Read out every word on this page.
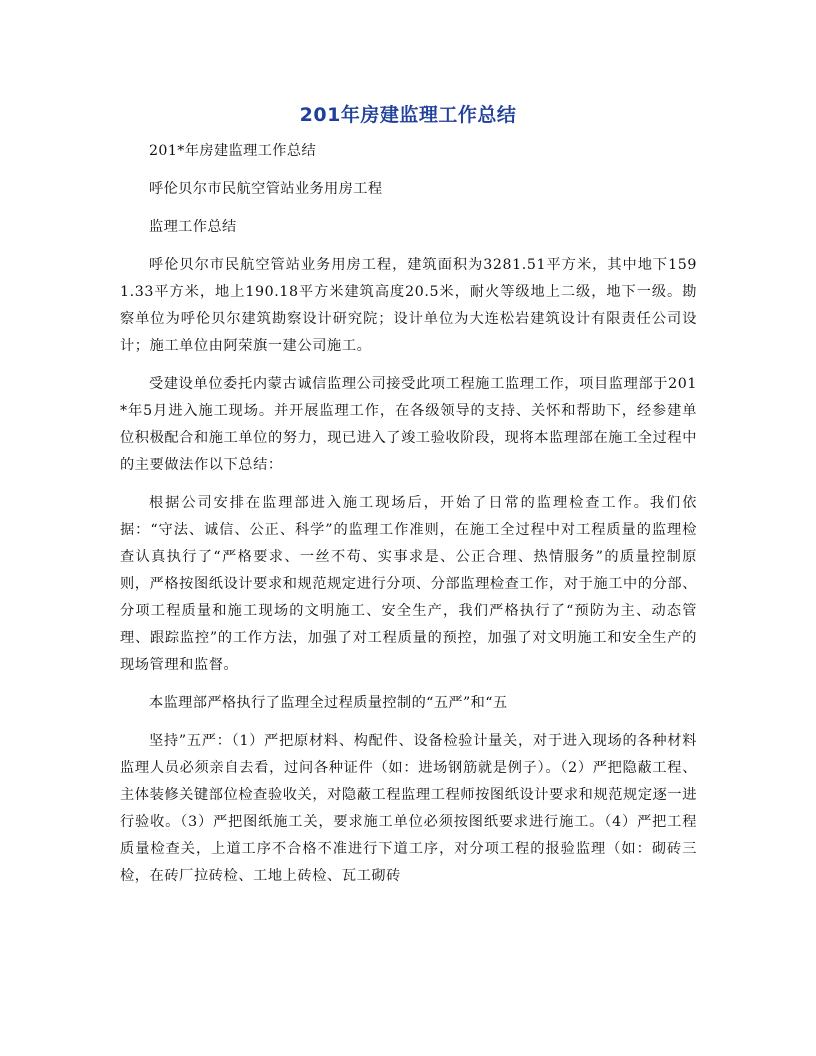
201年房建监理工作总结

201*年房建监理工作总结

呼伦贝尔市民航空管站业务用房工程

监理工作总结

呼伦贝尔市民航空管站业务用房工程，建筑面积为3281.51平方米，其中地下1591.33平方米，地上190.18平方米建筑高度20.5米，耐火等级地上二级，地下一级。勘察单位为呼伦贝尔建筑勘察设计研究院；设计单位为大连松岩建筑设计有限责任公司设计；施工单位由阿荣旗一建公司施工。

受建设单位委托内蒙古诚信监理公司接受此项工程施工监理工作，项目监理部于201*年5月进入施工现场。并开展监理工作，在各级领导的支持、关怀和帮助下，经参建单位积极配合和施工单位的努力，现已进入了竣工验收阶段，现将本监理部在施工全过程中的主要做法作以下总结：

根据公司安排在监理部进入施工现场后，开始了日常的监理检查工作。我们依据：“守法、诚信、公正、科学”的监理工作准则，在施工全过程中对工程质量的监理检查认真执行了“严格要求、一丝不苟、实事求是、公正合理、热情服务”的质量控制原则，严格按图纸设计要求和规范规定进行分项、分部监理检查工作，对于施工中的分部、分项工程质量和施工现场的文明施工、安全生产，我们严格执行了“预防为主、动态管理、跟踪监控”的工作方法，加强了对工程质量的预控，加强了对文明施工和安全生产的现场管理和监督。

本监理部严格执行了监理全过程质量控制的“五严”和“五

坚持”五严：（1）严把原材料、构配件、设备检验计量关，对于进入现场的各种材料监理人员必须亲自去看，过问各种证件（如：进场钢筋就是例子）。（2）严把隐蔽工程、主体装修关键部位检查验收关，对隐蔽工程监理工程师按图纸设计要求和规范规定逐一进行验收。（3）严把图纸施工关，要求施工单位必须按图纸要求进行施工。（4）严把工程质量检查关，上道工序不合格不准进行下道工序，对分项工程的报验监理（如：砌砖三检，在砖厂拉砖检、工地上砖检、瓦工砌砖
